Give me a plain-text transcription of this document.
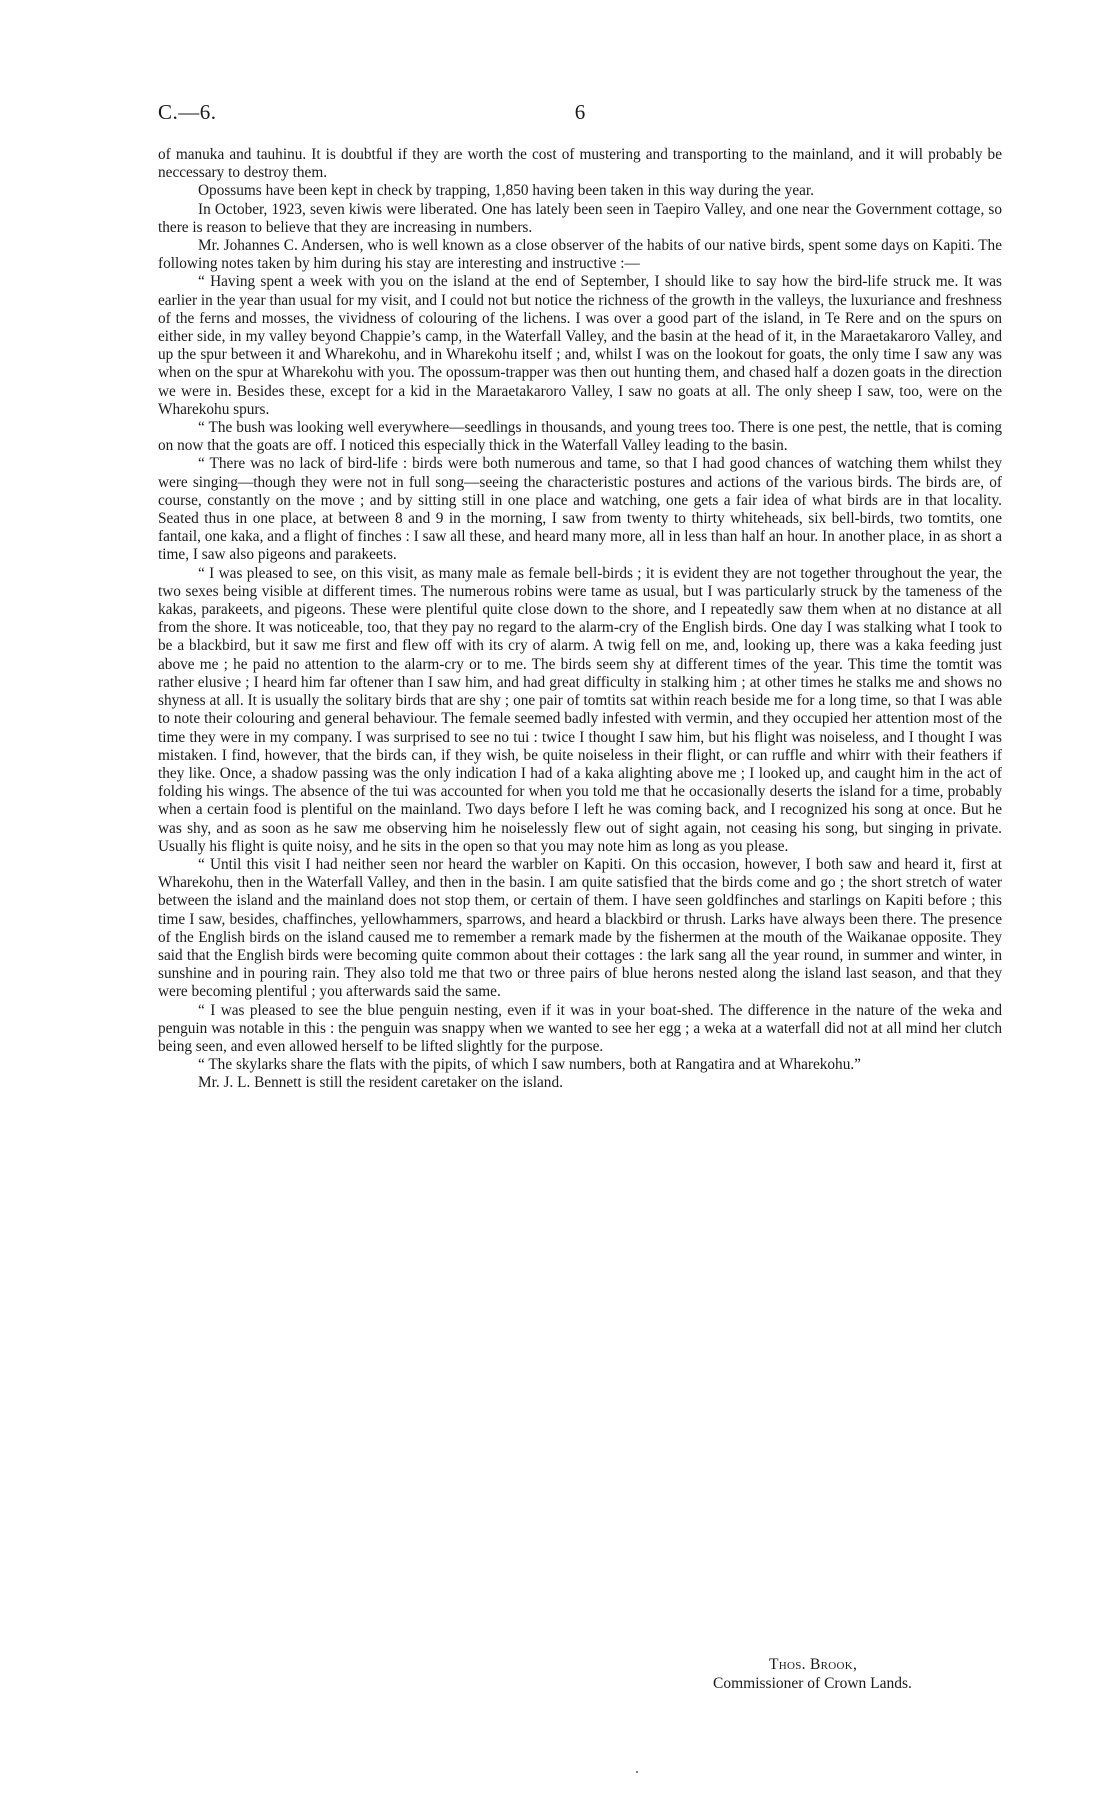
C.—6.	6

of manuka and tauhinu. It is doubtful if they are worth the cost of mustering and transporting to the mainland, and it will probably be neccessary to destroy them.

Opossums have been kept in check by trapping, 1,850 having been taken in this way during the year.

In October, 1923, seven kiwis were liberated. One has lately been seen in Taepiro Valley, and one near the Government cottage, so there is reason to believe that they are increasing in numbers.

Mr. Johannes C. Andersen, who is well known as a close observer of the habits of our native birds, spent some days on Kapiti. The following notes taken by him during his stay are interesting and instructive :—

“ Having spent a week with you on the island at the end of September, I should like to say how the bird-life struck me. It was earlier in the year than usual for my visit, and I could not but notice the richness of the growth in the valleys, the luxuriance and freshness of the ferns and mosses, the vividness of colouring of the lichens. I was over a good part of the island, in Te Rere and on the spurs on either side, in my valley beyond Chappie’s camp, in the Waterfall Valley, and the basin at the head of it, in the Maraetakaroro Valley, and up the spur between it and Wharekohu, and in Wharekohu itself ; and, whilst I was on the lookout for goats, the only time I saw any was when on the spur at Wharekohu with you. The opossum-trapper was then out hunting them, and chased half a dozen goats in the direction we were in. Besides these, except for a kid in the Maraetakaroro Valley, I saw no goats at all. The only sheep I saw, too, were on the Wharekohu spurs.

“ The bush was looking well everywhere—seedlings in thousands, and young trees too. There is one pest, the nettle, that is coming on now that the goats are off. I noticed this especially thick in the Waterfall Valley leading to the basin.

“ There was no lack of bird-life : birds were both numerous and tame, so that I had good chances of watching them whilst they were singing—though they were not in full song—seeing the characteristic postures and actions of the various birds. The birds are, of course, constantly on the move ; and by sitting still in one place and watching, one gets a fair idea of what birds are in that locality. Seated thus in one place, at between 8 and 9 in the morning, I saw from twenty to thirty whiteheads, six bell-birds, two tomtits, one fantail, one kaka, and a flight of finches : I saw all these, and heard many more, all in less than half an hour. In another place, in as short a time, I saw also pigeons and parakeets.

“ I was pleased to see, on this visit, as many male as female bell-birds ; it is evident they are not together throughout the year, the two sexes being visible at different times. The numerous robins were tame as usual, but I was particularly struck by the tameness of the kakas, parakeets, and pigeons. These were plentiful quite close down to the shore, and I repeatedly saw them when at no distance at all from the shore. It was noticeable, too, that they pay no regard to the alarm-cry of the English birds. One day I was stalking what I took to be a blackbird, but it saw me first and flew off with its cry of alarm. A twig fell on me, and, looking up, there was a kaka feeding just above me ; he paid no attention to the alarm-cry or to me. The birds seem shy at different times of the year. This time the tomtit was rather elusive ; I heard him far oftener than I saw him, and had great difficulty in stalking him ; at other times he stalks me and shows no shyness at all. It is usually the solitary birds that are shy ; one pair of tomtits sat within reach beside me for a long time, so that I was able to note their colouring and general behaviour. The female seemed badly infested with vermin, and they occupied her attention most of the time they were in my company. I was surprised to see no tui : twice I thought I saw him, but his flight was noiseless, and I thought I was mistaken. I find, however, that the birds can, if they wish, be quite noiseless in their flight, or can ruffle and whirr with their feathers if they like. Once, a shadow passing was the only indication I had of a kaka alighting above me ; I looked up, and caught him in the act of folding his wings. The absence of the tui was accounted for when you told me that he occasionally deserts the island for a time, probably when a certain food is plentiful on the mainland. Two days before I left he was coming back, and I recognized his song at once. But he was shy, and as soon as he saw me observing him he noiselessly flew out of sight again, not ceasing his song, but singing in private. Usually his flight is quite noisy, and he sits in the open so that you may note him as long as you please.

“ Until this visit I had neither seen nor heard the warbler on Kapiti. On this occasion, however, I both saw and heard it, first at Wharekohu, then in the Waterfall Valley, and then in the basin. I am quite satisfied that the birds come and go ; the short stretch of water between the island and the mainland does not stop them, or certain of them. I have seen goldfinches and starlings on Kapiti before ; this time I saw, besides, chaffinches, yellowhammers, sparrows, and heard a blackbird or thrush. Larks have always been there. The presence of the English birds on the island caused me to remember a remark made by the fishermen at the mouth of the Waikanae opposite. They said that the English birds were becoming quite common about their cottages : the lark sang all the year round, in summer and winter, in sunshine and in pouring rain. They also told me that two or three pairs of blue herons nested along the island last season, and that they were becoming plentiful ; you afterwards said the same.

“ I was pleased to see the blue penguin nesting, even if it was in your boat-shed. The difference in the nature of the weka and penguin was notable in this : the penguin was snappy when we wanted to see her egg ; a weka at a waterfall did not at all mind her clutch being seen, and even allowed herself to be lifted slightly for the purpose.

“ The skylarks share the flats with the pipits, of which I saw numbers, both at Rangatira and at Wharekohu.”

Mr. J. L. Bennett is still the resident caretaker on the island.

Thos. Brook,
Commissioner of Crown Lands.
